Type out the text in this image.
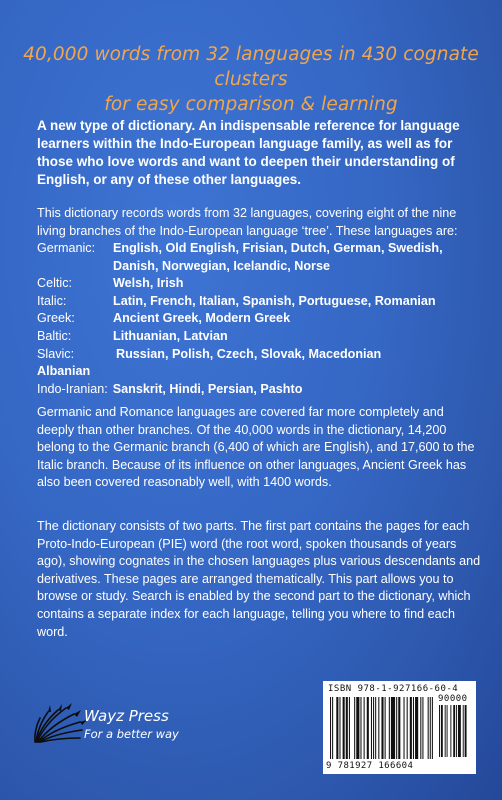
40,000 words from 32 languages in 430 cognate clusters
for easy comparison & learning
A new type of dictionary. An indispensable reference for language learners within the Indo-European language family, as well as for those who love words and want to deepen their understanding of English, or any of these other languages.
This dictionary records words from 32 languages, covering eight of the nine living branches of the Indo-European language ‘tree’. These languages are:
Germanic:	English, Old English, Frisian, Dutch, German, Swedish, Danish, Norwegian, Icelandic, Norse
Celtic:	Welsh, Irish
Italic:	Latin, French, Italian, Spanish, Portuguese, Romanian
Greek:	Ancient Greek, Modern Greek
Baltic:	Lithuanian, Latvian
Slavic:	Russian, Polish, Czech, Slovak, Macedonian
Albanian
Indo-Iranian: Sanskrit, Hindi, Persian, Pashto
Germanic and Romance languages are covered far more completely and deeply than other branches. Of the 40,000 words in the dictionary, 14,200 belong to the Germanic branch (6,400 of which are English), and 17,600 to the Italic branch. Because of its influence on other languages, Ancient Greek has also been covered reasonably well, with 1400 words.
The dictionary consists of two parts. The first part contains the pages for each Proto-Indo-European (PIE) word (the root word, spoken thousands of years ago), showing cognates in the chosen languages plus various descendants and derivatives. These pages are arranged thematically. This part allows you to browse or study. Search is enabled by the second part to the dictionary, which contains a separate index for each language, telling you where to find each word.
Wayz Press
For a better way
ISBN 978-1-927166-60-4
90000
9 781927 166604
